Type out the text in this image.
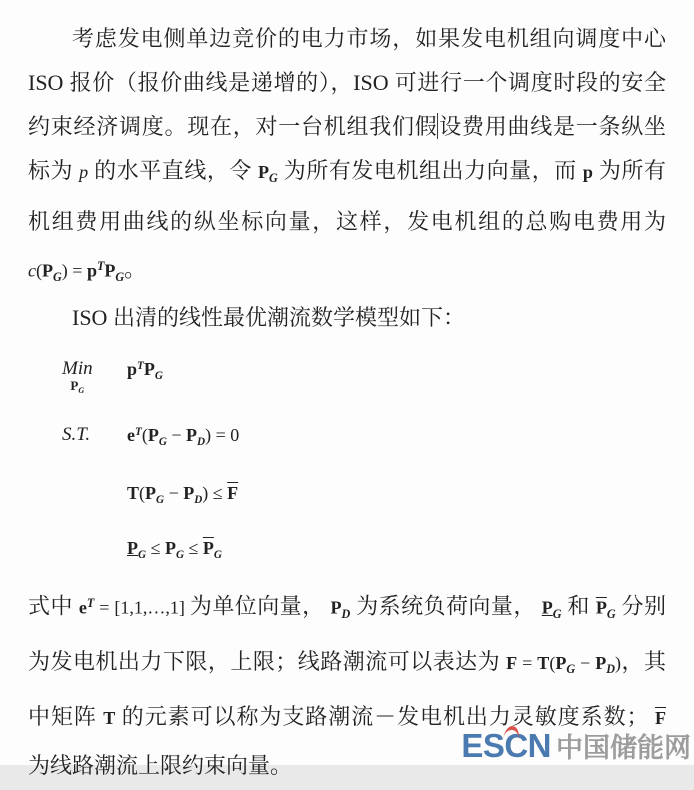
考虑发电侧单边竞价的电力市场，如果发电机组向调度中心 ISO 报价（报价曲线是递增的），ISO 可进行一个调度时段的安全约束经济调度。现在，对一台机组我们假设费用曲线是一条纵坐标为 p 的水平直线，令 $P_G$ 为所有发电机组出力向量，而 p 为所有机组费用曲线的纵坐标向量，这样，发电机组的总购电费用为 $c(P_G) = p^TP_G$。

ISO 出清的线性最优潮流数学模型如下：

Min
$P_G$
$p^TP_G$
S.T.	$e^T(P_G - P_D) = 0$
$T(P_G - P_D) \le \overline{F}$
$P_G \le P_G \le \overline{P}_G$

式中 $e^T$ = [1,1,…,1] 为单位向量， $P_D$ 为系统负荷向量， $P_G$ 和 $\overline{P}_G$ 分别为发电机出力下限，上限；线路潮流可以表达为 $F = T(P_G - P_D)$，其中矩阵 T 的元素可以称为支路潮流－发电机出力灵敏度系数； $\overline{F}$ 为线路潮流上限约束向量。

ESCN 中国储能网
